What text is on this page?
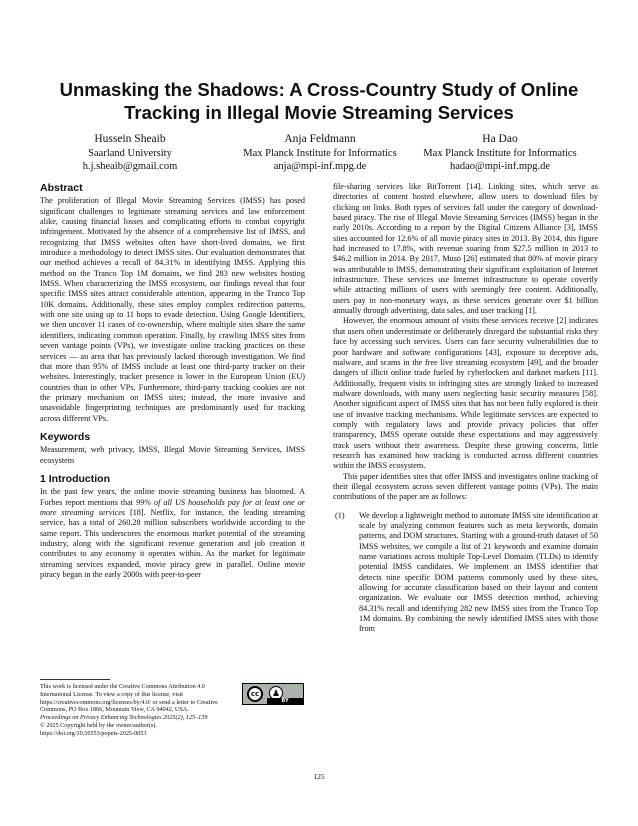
Unmasking the Shadows: A Cross-Country Study of Online
Tracking in Illegal Movie Streaming Services
Hussein Sheaib
Saarland University
h.j.sheaib@gmail.com
Anja Feldmann
Max Planck Institute for Informatics
anja@mpi-inf.mpg.de
Ha Dao
Max Planck Institute for Informatics
hadao@mpi-inf.mpg.de
Abstract

The proliferation of Illegal Movie Streaming Services (IMSS) has posed significant challenges to legitimate streaming services and law enforcement alike, causing financial losses and complicating efforts to combat copyright infringement. Motivated by the absence of a comprehensive list of IMSS, and recognizing that IMSS websites often have short-lived domains, we first introduce a methodology to detect IMSS sites. Our evaluation demonstrates that our method achieves a recall of 84.31% in identifying IMSS. Applying this method on the Tranco Top 1M domains, we find 283 new websites hosting IMSS. When characterizing the IMSS ecosystem, our findings reveal that four specific IMSS sites attract considerable attention, appearing in the Tranco Top 10K domains. Additionally, these sites employ complex redirection patterns, with one site using up to 11 hops to evade detection. Using Google Identifiers, we then uncover 11 cases of co-ownership, where multiple sites share the same identifiers, indicating common operation. Finally, by crawling IMSS sites from seven vantage points (VPs), we investigate online tracking practices on these services — an area that has previously lacked thorough investigation. We find that more than 95% of IMSS include at least one third-party tracker on their websites. Interestingly, tracker presence is lower in the European Union (EU) countries than in other VPs. Furthermore, third-party tracking cookies are not the primary mechanism on IMSS sites; instead, the more invasive and unavoidable fingerprinting techniques are predominantly used for tracking across different VPs.

Keywords

Measurement, web privacy, IMSS, Illegal Movie Streaming Services, IMSS ecosystem

1 Introduction

In the past few years, the online movie streaming business has bloomed. A Forbes report mentions that 99% of all US households pay for at least one or more streaming services [18]. Netflix, for instance, the leading streaming service, has a total of 260.28 million subscribers worldwide according to the same report. This underscores the enormous market potential of the streaming industry, along with the significant revenue generation and job creation it contributes to any economy it operates within. As the market for legitimate streaming services expanded, movie piracy grew in parallel. Online movie piracy began in the early 2000s with peer-to-peer

This work is licensed under the Creative Commons Attribution 4.0 International License. To view a copy of this license, visit https://creativecommons.org/licenses/by/4.0/ or send a letter to Creative Commons, PO Box 1866, Mountain View, CA 94042, USA.
cc	♟
BY
Proceedings on Privacy Enhancing Technologies 2025(2), 125–139
© 2025 Copyright held by the owner/author(s).
https://doi.org/10.56553/popets-2025-0053

file-sharing services like BitTorrent [14]. Linking sites, which serve as directories of content hosted elsewhere, allow users to download files by clicking on links. Both types of services fall under the category of download-based piracy. The rise of Illegal Movie Streaming Services (IMSS) began in the early 2010s. According to a report by the Digital Citizens Alliance [3], IMSS sites accounted for 12.6% of all movie piracy sites in 2013. By 2014, this figure had increased to 17.8%, with revenue soaring from $27.5 million in 2013 to $46.2 million in 2014. By 2017, Muso [26] estimated that 80% of movie piracy was attributable to IMSS, demonstrating their significant exploitation of Internet infrastructure. These services use Internet infrastructure to operate covertly while attracting millions of users with seemingly free content. Additionally, users pay in non-monetary ways, as these services generate over $1 billion annually through advertising, data sales, and user tracking [1].

However, the enormous amount of visits these services receive [2] indicates that users often underestimate or deliberately disregard the substantial risks they face by accessing such services. Users can face security vulnerabilities due to poor hardware and software configurations [43], exposure to deceptive ads, malware, and scams in the free live streaming ecosystem [49], and the broader dangers of illicit online trade fueled by cyberlockers and darknet markets [11]. Additionally, frequent visits to infringing sites are strongly linked to increased malware downloads, with many users neglecting basic security measures [58]. Another significant aspect of IMSS sites that has not been fully explored is their use of invasive tracking mechanisms. While legitimate services are expected to comply with regulatory laws and provide privacy policies that offer transparency, IMSS operate outside these expectations and may aggressively track users without their awareness. Despite these growing concerns, little research has examined how tracking is conducted across different countries within the IMSS ecosystem.

This paper identifies sites that offer IMSS and investigates online tracking of their illegal ecosystem across seven different vantage points (VPs). The main contributions of the paper are as follows:

(1)	We develop a lightweight method to automate IMSS site identification at scale by analyzing common features such as meta keywords, domain patterns, and DOM structures. Starting with a ground-truth dataset of 50 IMSS websites, we compile a list of 21 keywords and examine domain name variations across multiple Top-Level Domains (TLDs) to identify potential IMSS candidates. We implement an IMSS identifier that detects nine specific DOM patterns commonly used by these sites, allowing for accurate classification based on their layout and content organization. We evaluate our IMSS detection method, achieving 84.31% recall and identifying 282 new IMSS sites from the Tranco Top 1M domains. By combining the newly identified IMSS sites with those from
125
